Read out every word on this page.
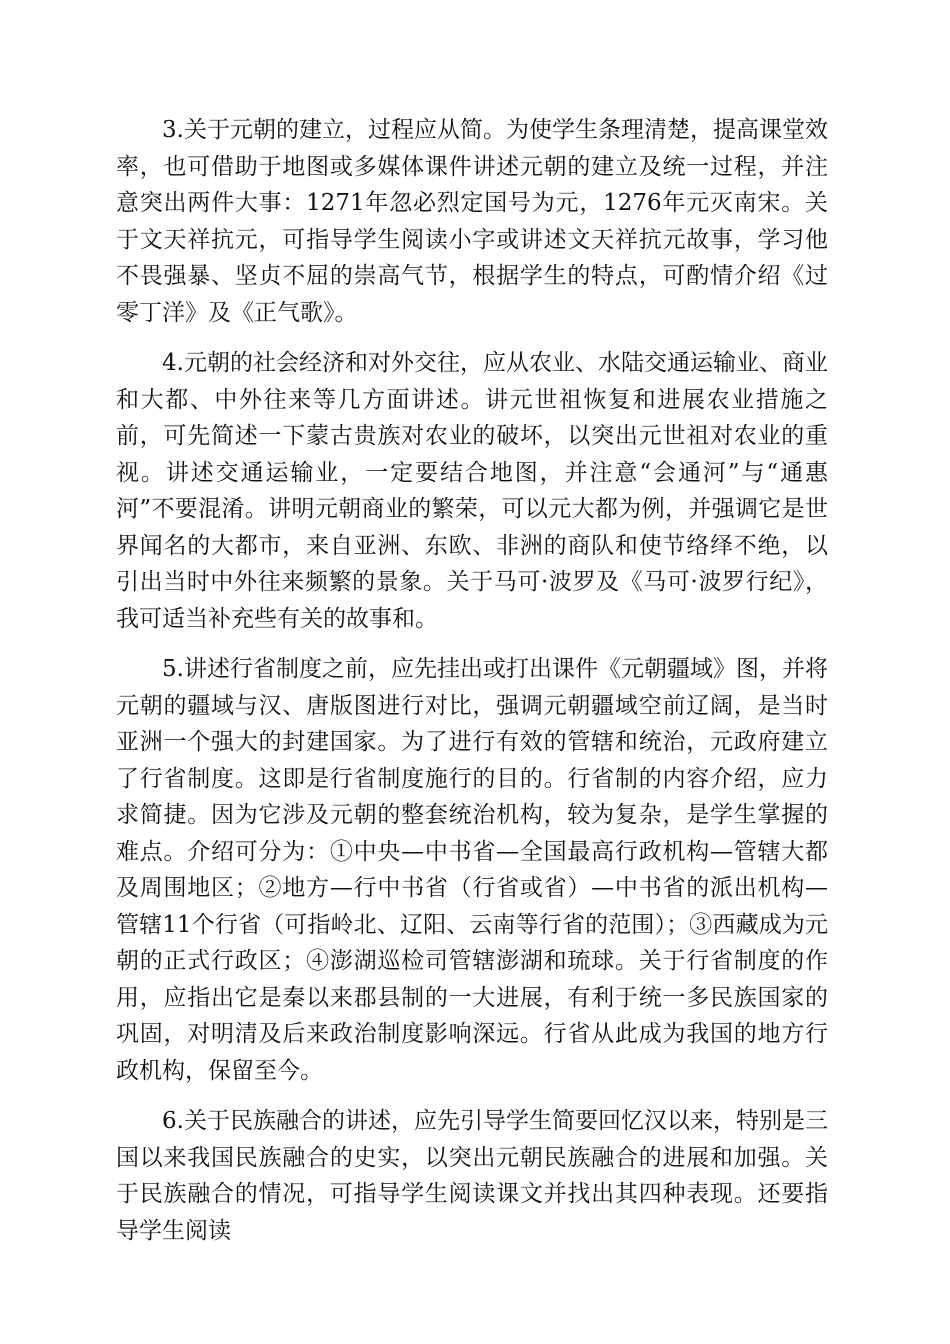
3.关于元朝的建立，过程应从简。为使学生条理清楚，提高课堂效率，也可借助于地图或多媒体课件讲述元朝的建立及统一过程，并注意突出两件大事：1271年忽必烈定国号为元，1276年元灭南宋。关于文天祥抗元，可指导学生阅读小字或讲述文天祥抗元故事，学习他不畏强暴、坚贞不屈的崇高气节，根据学生的特点，可酌情介绍《过零丁洋》及《正气歌》。

4.元朝的社会经济和对外交往，应从农业、水陆交通运输业、商业和大都、中外往来等几方面讲述。讲元世祖恢复和进展农业措施之前，可先简述一下蒙古贵族对农业的破坏，以突出元世祖对农业的重视。讲述交通运输业，一定要结合地图，并注意“会通河”与“通惠河”不要混淆。讲明元朝商业的繁荣，可以元大都为例，并强调它是世界闻名的大都市，来自亚洲、东欧、非洲的商队和使节络绎不绝，以引出当时中外往来频繁的景象。关于马可·波罗及《马可·波罗行纪》，我可适当补充些有关的故事和。

5.讲述行省制度之前，应先挂出或打出课件《元朝疆域》图，并将元朝的疆域与汉、唐版图进行对比，强调元朝疆域空前辽阔，是当时亚洲一个强大的封建国家。为了进行有效的管辖和统治，元政府建立了行省制度。这即是行省制度施行的目的。行省制的内容介绍，应力求简捷。因为它涉及元朝的整套统治机构，较为复杂，是学生掌握的难点。介绍可分为：①中央—中书省—全国最高行政机构—管辖大都及周围地区；②地方—行中书省（行省或省）—中书省的派出机构—管辖11个行省（可指岭北、辽阳、云南等行省的范围）；③西藏成为元朝的正式行政区；④澎湖巡检司管辖澎湖和琉球。关于行省制度的作用，应指出它是秦以来郡县制的一大进展，有利于统一多民族国家的巩固，对明清及后来政治制度影响深远。行省从此成为我国的地方行政机构，保留至今。

6.关于民族融合的讲述，应先引导学生简要回忆汉以来，特别是三国以来我国民族融合的史实，以突出元朝民族融合的进展和加强。关于民族融合的情况，可指导学生阅读课文并找出其四种表现。还要指导学生阅读
